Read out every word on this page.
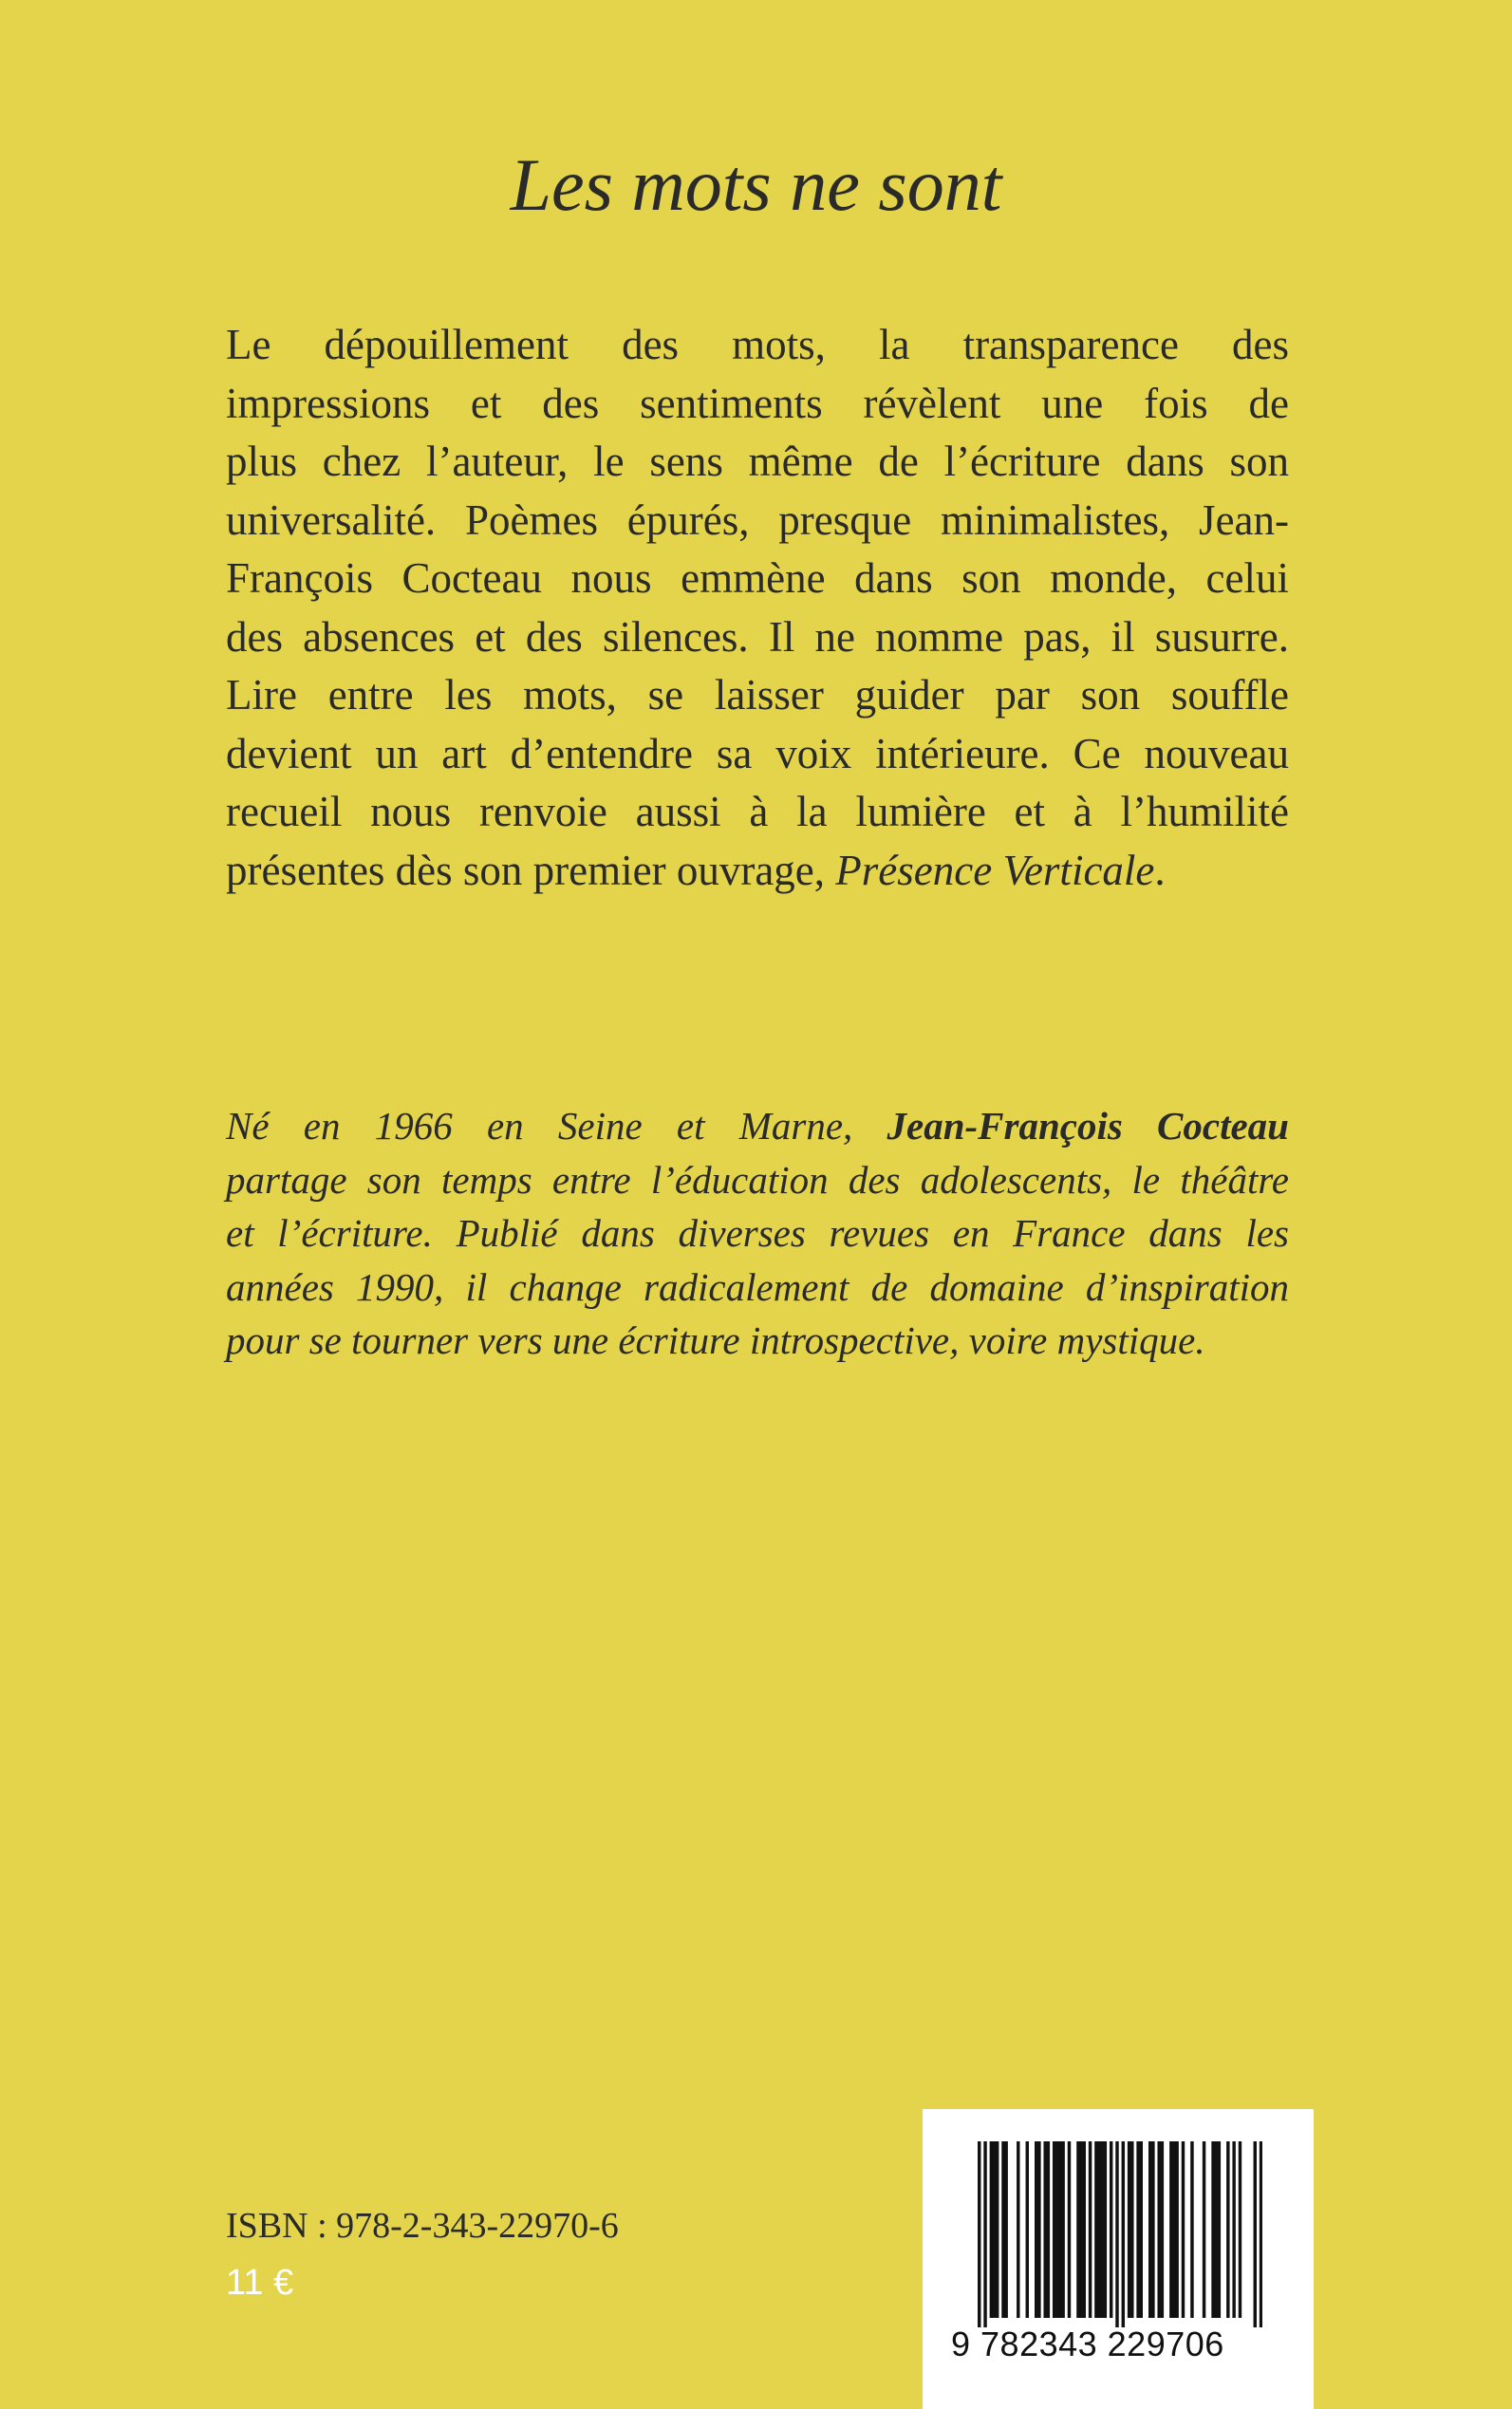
Les mots ne sont
Le dépouillement des mots, la transparence des
impressions et des sentiments révèlent une fois de
plus chez l’auteur, le sens même de l’écriture dans son
universalité. Poèmes épurés, presque minimalistes, Jean-
François Cocteau nous emmène dans son monde, celui
des absences et des silences. Il ne nomme pas, il susurre.
Lire entre les mots, se laisser guider par son souffle
devient un art d’entendre sa voix intérieure. Ce nouveau
recueil nous renvoie aussi à la lumière et à l’humilité
présentes dès son premier ouvrage, Présence Verticale.
Né en 1966 en Seine et Marne, Jean-François Cocteau
partage son temps entre l’éducation des adolescents, le théâtre
et l’écriture. Publié dans diverses revues en France dans les
années 1990, il change radicalement de domaine d’inspiration
pour se tourner vers une écriture introspective, voire mystique.
ISBN : 978-2-343-22970-6
11 €
9 782343 229706
